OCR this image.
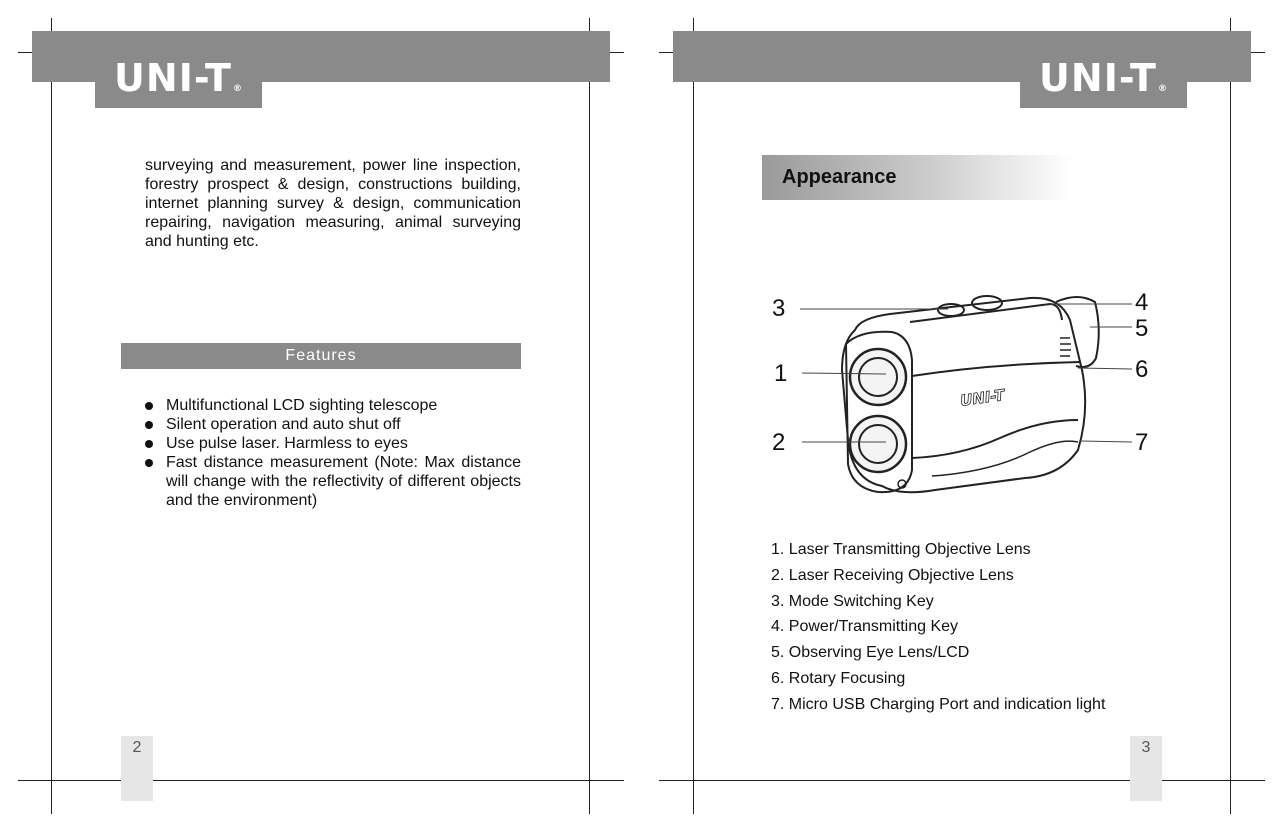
UNI-T®
surveying and measurement, power line inspection, forestry prospect & design, constructions building, internet planning survey & design, communication repairing, navigation measuring, animal surveying and hunting etc.
Features
Multifunctional LCD sighting telescope
Silent operation and auto shut off
Use pulse laser. Harmless to eyes
Fast distance measurement (Note: Max distance will change with the reflectivity of different objects and the environment)
2
UNI-T®
Appearance
UNI-T
3
1
2
4
5
6
7
1. Laser Transmitting Objective Lens
2. Laser Receiving Objective Lens
3. Mode Switching Key
4. Power/Transmitting Key
5. Observing Eye Lens/LCD
6. Rotary Focusing
7. Micro USB Charging Port and indication light
3
